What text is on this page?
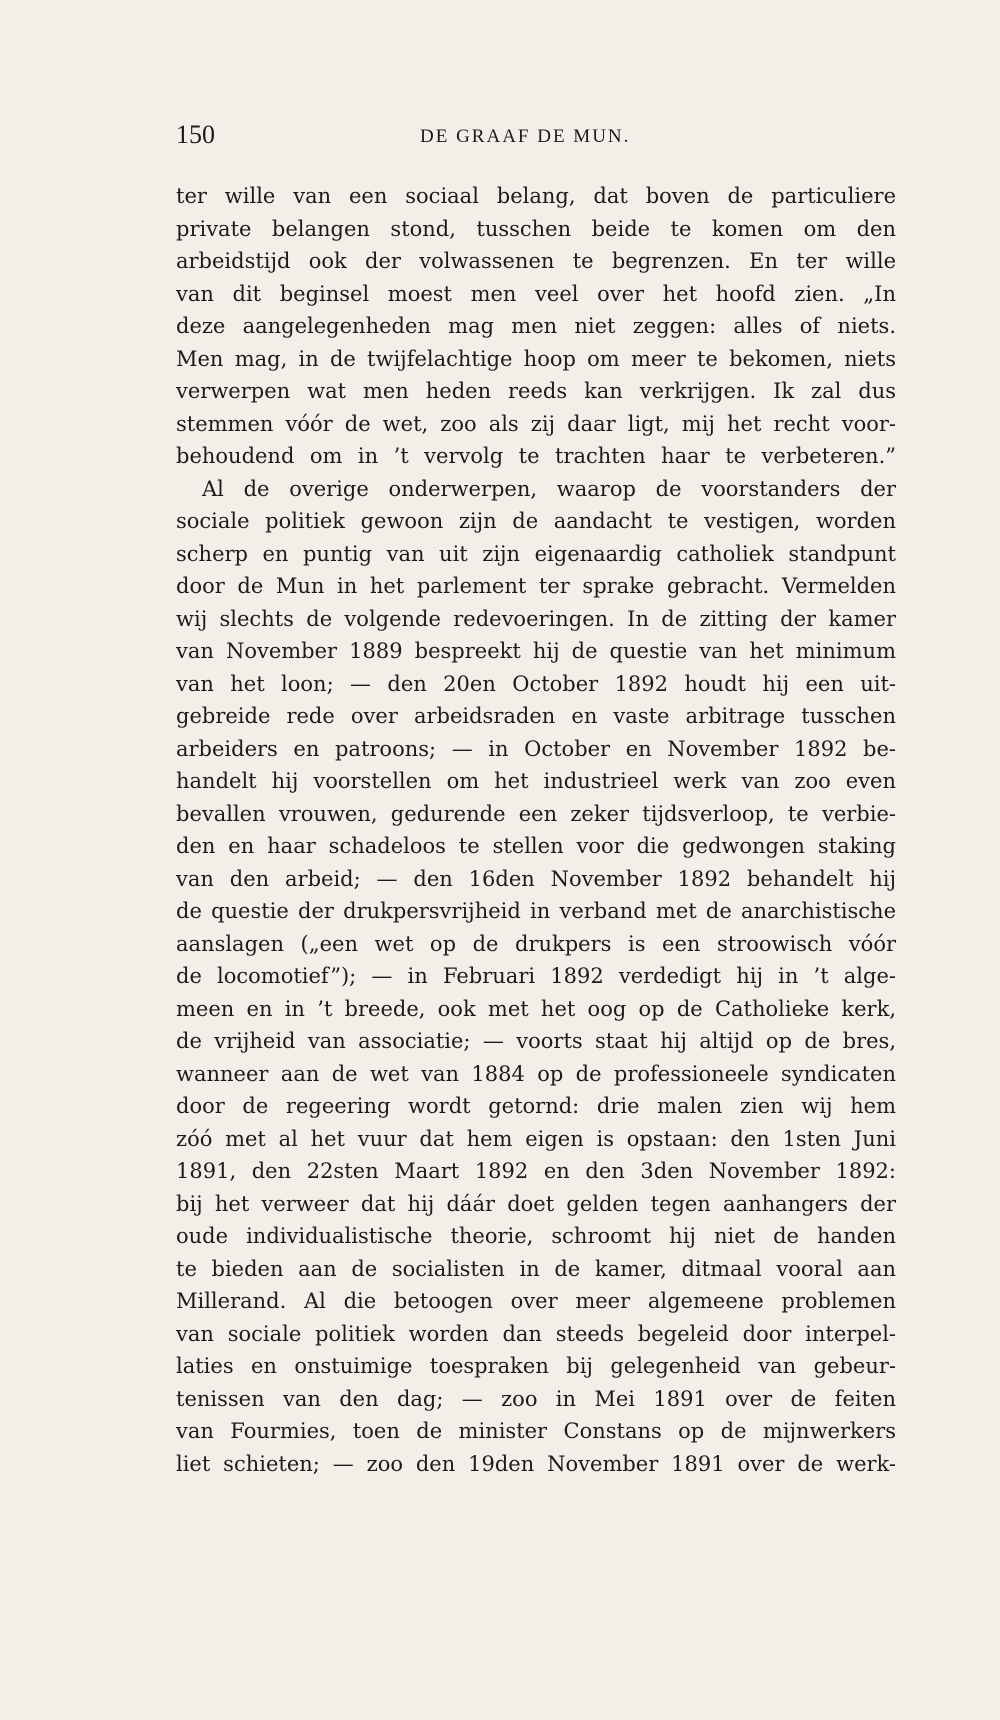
150	DE GRAAF DE MUN.
ter wille van een sociaal belang, dat boven de particuliere
private belangen stond, tusschen beide te komen om den
arbeidstijd ook der volwassenen te begrenzen. En ter wille
van dit beginsel moest men veel over het hoofd zien. „In
deze aangelegenheden mag men niet zeggen: alles of niets.
Men mag, in de twijfelachtige hoop om meer te bekomen, niets
verwerpen wat men heden reeds kan verkrijgen. Ik zal dus
stemmen vóór de wet, zoo als zij daar ligt, mij het recht voor-
behoudend om in ’t vervolg te trachten haar te verbeteren.”
Al de overige onderwerpen, waarop de voorstanders der
sociale politiek gewoon zijn de aandacht te vestigen, worden
scherp en puntig van uit zijn eigenaardig catholiek standpunt
door de Mun in het parlement ter sprake gebracht. Vermelden
wij slechts de volgende redevoeringen. In de zitting der kamer
van November 1889 bespreekt hij de questie van het minimum
van het loon; — den 20en October 1892 houdt hij een uit-
gebreide rede over arbeidsraden en vaste arbitrage tusschen
arbeiders en patroons; — in October en November 1892 be-
handelt hij voorstellen om het industrieel werk van zoo even
bevallen vrouwen, gedurende een zeker tijdsverloop, te verbie-
den en haar schadeloos te stellen voor die gedwongen staking
van den arbeid; — den 16den November 1892 behandelt hij
de questie der drukpersvrijheid in verband met de anarchistische
aanslagen („een wet op de drukpers is een stroowisch vóór
de locomotief”); — in Februari 1892 verdedigt hij in ’t alge-
meen en in ’t breede, ook met het oog op de Catholieke kerk,
de vrijheid van associatie; — voorts staat hij altijd op de bres,
wanneer aan de wet van 1884 op de professioneele syndicaten
door de regeering wordt getornd: drie malen zien wij hem
zóó met al het vuur dat hem eigen is opstaan: den 1sten Juni
1891, den 22sten Maart 1892 en den 3den November 1892:
bij het verweer dat hij dáár doet gelden tegen aanhangers der
oude individualistische theorie, schroomt hij niet de handen
te bieden aan de socialisten in de kamer, ditmaal vooral aan
Millerand. Al die betoogen over meer algemeene problemen
van sociale politiek worden dan steeds begeleid door interpel-
laties en onstuimige toespraken bij gelegenheid van gebeur-
tenissen van den dag; — zoo in Mei 1891 over de feiten
van Fourmies, toen de minister Constans op de mijnwerkers
liet schieten; — zoo den 19den November 1891 over de werk-
